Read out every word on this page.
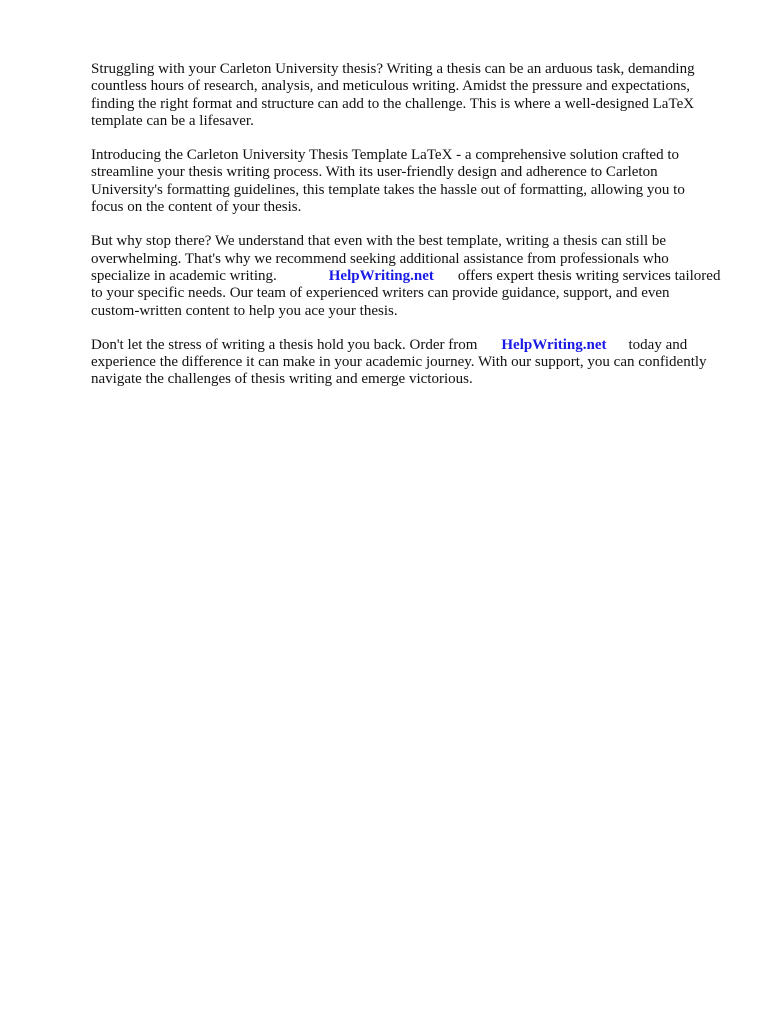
Struggling with your Carleton University thesis? Writing a thesis can be an arduous task, demanding countless hours of research, analysis, and meticulous writing. Amidst the pressure and expectations, finding the right format and structure can add to the challenge. This is where a well-designed LaTeX template can be a lifesaver.

Introducing the Carleton University Thesis Template LaTeX - a comprehensive solution crafted to streamline your thesis writing process. With its user-friendly design and adherence to Carleton University's formatting guidelines, this template takes the hassle out of formatting, allowing you to focus on the content of your thesis.

But why stop there? We understand that even with the best template, writing a thesis can still be overwhelming. That's why we recommend seeking additional assistance from professionals who specialize in academic writing.	HelpWriting.net offers expert thesis writing services tailored to your specific needs. Our team of experienced writers can provide guidance, support, and even custom-written content to help you ace your thesis.

Don't let the stress of writing a thesis hold you back. Order from HelpWriting.net today and experience the difference it can make in your academic journey. With our support, you can confidently navigate the challenges of thesis writing and emerge victorious.
